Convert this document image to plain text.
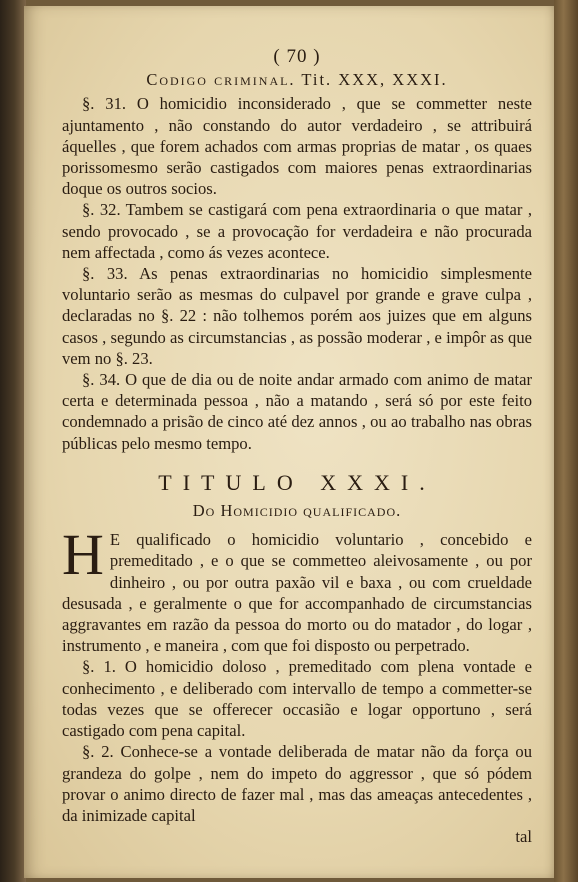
( 70 )
Codigo criminal. Tit. XXX, XXXI.

§. 31. O homicidio inconsiderado , que se commetter neste ajuntamento , não constando do autor verdadeiro , se attribuirá áquelles , que forem achados com armas proprias de matar , os quaes porissomesmo serão castigados com maiores penas extraordinarias doque os outros socios.

§. 32. Tambem se castigará com pena extraordinaria o que matar , sendo provocado , se a provocação for verdadeira e não procurada nem affectada , como ás vezes acontece.

§. 33. As penas extraordinarias no homicidio simplesmente voluntario serão as mesmas do culpavel por grande e grave culpa , declaradas no §. 22 : não tolhemos porém aos juizes que em alguns casos , segundo as circumstancias , as possão moderar , e impôr as que vem no §. 23.

§. 34. O que de dia ou de noite andar armado com animo de matar certa e determinada pessoa , não a matando , será só por este feito condemnado a prisão de cinco até dez annos , ou ao trabalho nas obras públicas pelo mesmo tempo.

TITULO XXXI.
Do Homicidio qualificado.

H E qualificado o homicidio voluntario , concebido e premeditado , e o que se commetteo aleivosamente , ou por dinheiro , ou por outra paxão vil e baxa , ou com crueldade desusada , e geralmente o que for accompanhado de circumstancias aggravantes em razão da pessoa do morto ou do matador , do logar , instrumento , e maneira , com que foi disposto ou perpetrado.

§. 1. O homicidio doloso , premeditado com plena vontade e conhecimento , e deliberado com intervallo de tempo a commetter-se todas vezes que se offerecer occasião e logar opportuno , será castigado com pena capital.

§. 2. Conhece-se a vontade deliberada de matar não da força ou grandeza do golpe , nem do impeto do aggressor , que só pódem provar o animo directo de fazer mal , mas das ameaças antecedentes , da inimizade capital

tal
